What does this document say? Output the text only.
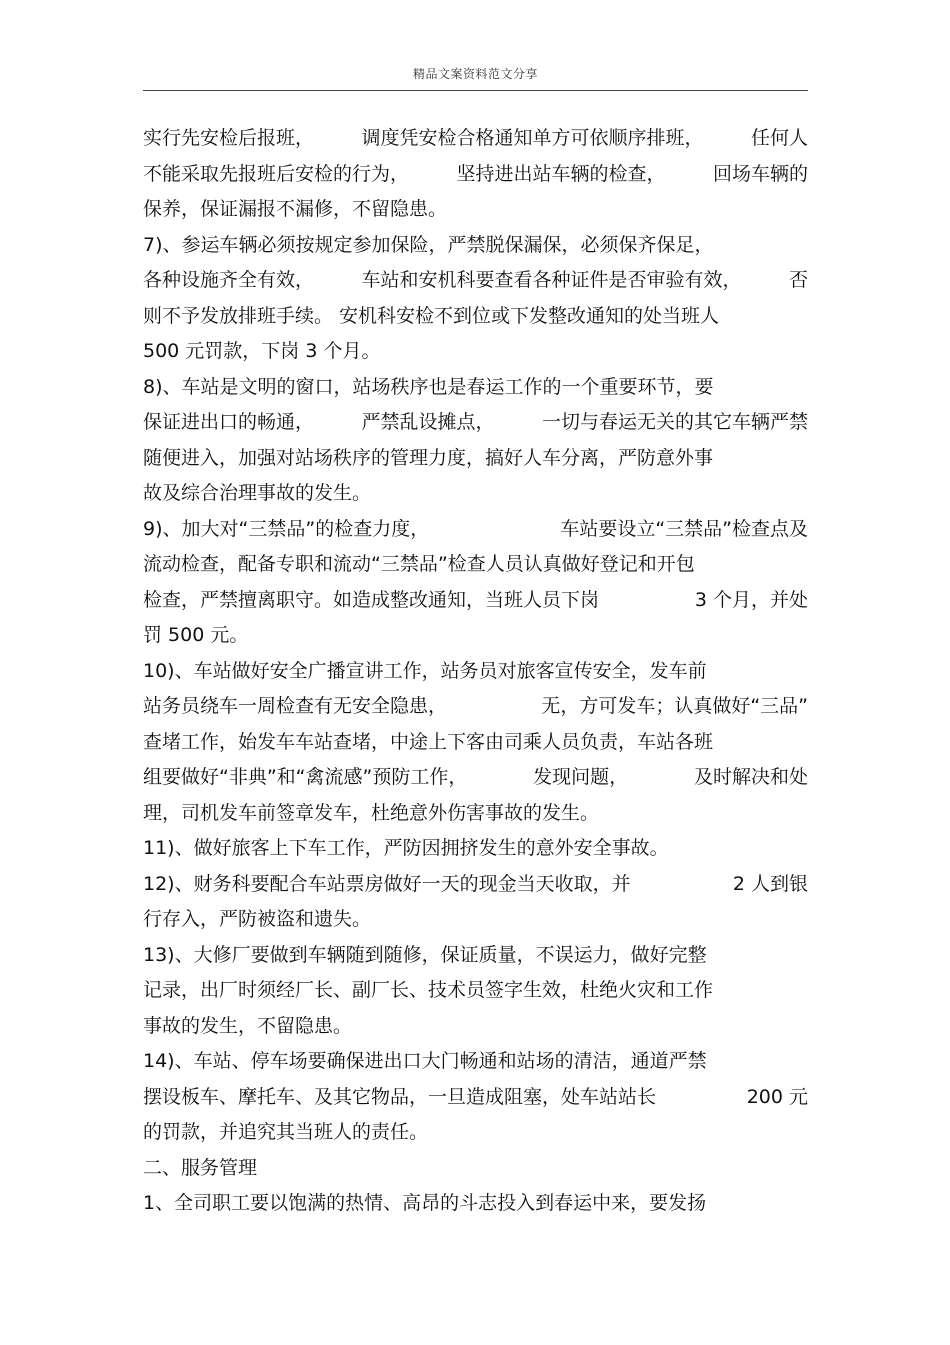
精品文案资料范文分享
实行先安检后报班， 调度凭安检合格通知单方可依顺序排班， 任何人
不能采取先报班后安检的行为， 坚持进出站车辆的检查， 回场车辆的
保养，保证漏报不漏修，不留隐患。
7)、参运车辆必须按规定参加保险，严禁脱保漏保，必须保齐保足，
各种设施齐全有效， 车站和安机科要查看各种证件是否审验有效， 否
则不予发放排班手续。 安机科安检不到位或下发整改通知的处当班人
500 元罚款，下岗 3 个月。
8)、车站是文明的窗口，站场秩序也是春运工作的一个重要环节，要
保证进出口的畅通， 严禁乱设摊点， 一切与春运无关的其它车辆严禁
随便进入，加强对站场秩序的管理力度，搞好人车分离，严防意外事
故及综合治理事故的发生。
9)、加大对“三禁品”的检查力度，	车站要设立“三禁品”检查点及
流动检查，配备专职和流动“三禁品”检查人员认真做好登记和开包
检查，严禁擅离职守。如造成整改通知，当班人员下岗	3 个月，并处
罚 500 元。
10)、车站做好安全广播宣讲工作，站务员对旅客宣传安全，发车前
站务员绕车一周检查有无安全隐患，	无，方可发车；认真做好“三品”
查堵工作，始发车车站查堵，中途上下客由司乘人员负责，车站各班
组要做好“非典”和“禽流感”预防工作，	发现问题，	及时解决和处
理，司机发车前签章发车，杜绝意外伤害事故的发生。
11)、做好旅客上下车工作，严防因拥挤发生的意外安全事故。
12)、财务科要配合车站票房做好一天的现金当天收取，并	2 人到银
行存入，严防被盗和遗失。
13)、大修厂要做到车辆随到随修，保证质量，不误运力，做好完整
记录，出厂时须经厂长、副厂长、技术员签字生效，杜绝火灾和工作
事故的发生，不留隐患。
14)、车站、停车场要确保进出口大门畅通和站场的清洁，通道严禁
摆设板车、摩托车、及其它物品，一旦造成阻塞，处车站站长	200 元
的罚款，并追究其当班人的责任。
二、服务管理
1、全司职工要以饱满的热情、高昂的斗志投入到春运中来，要发扬
